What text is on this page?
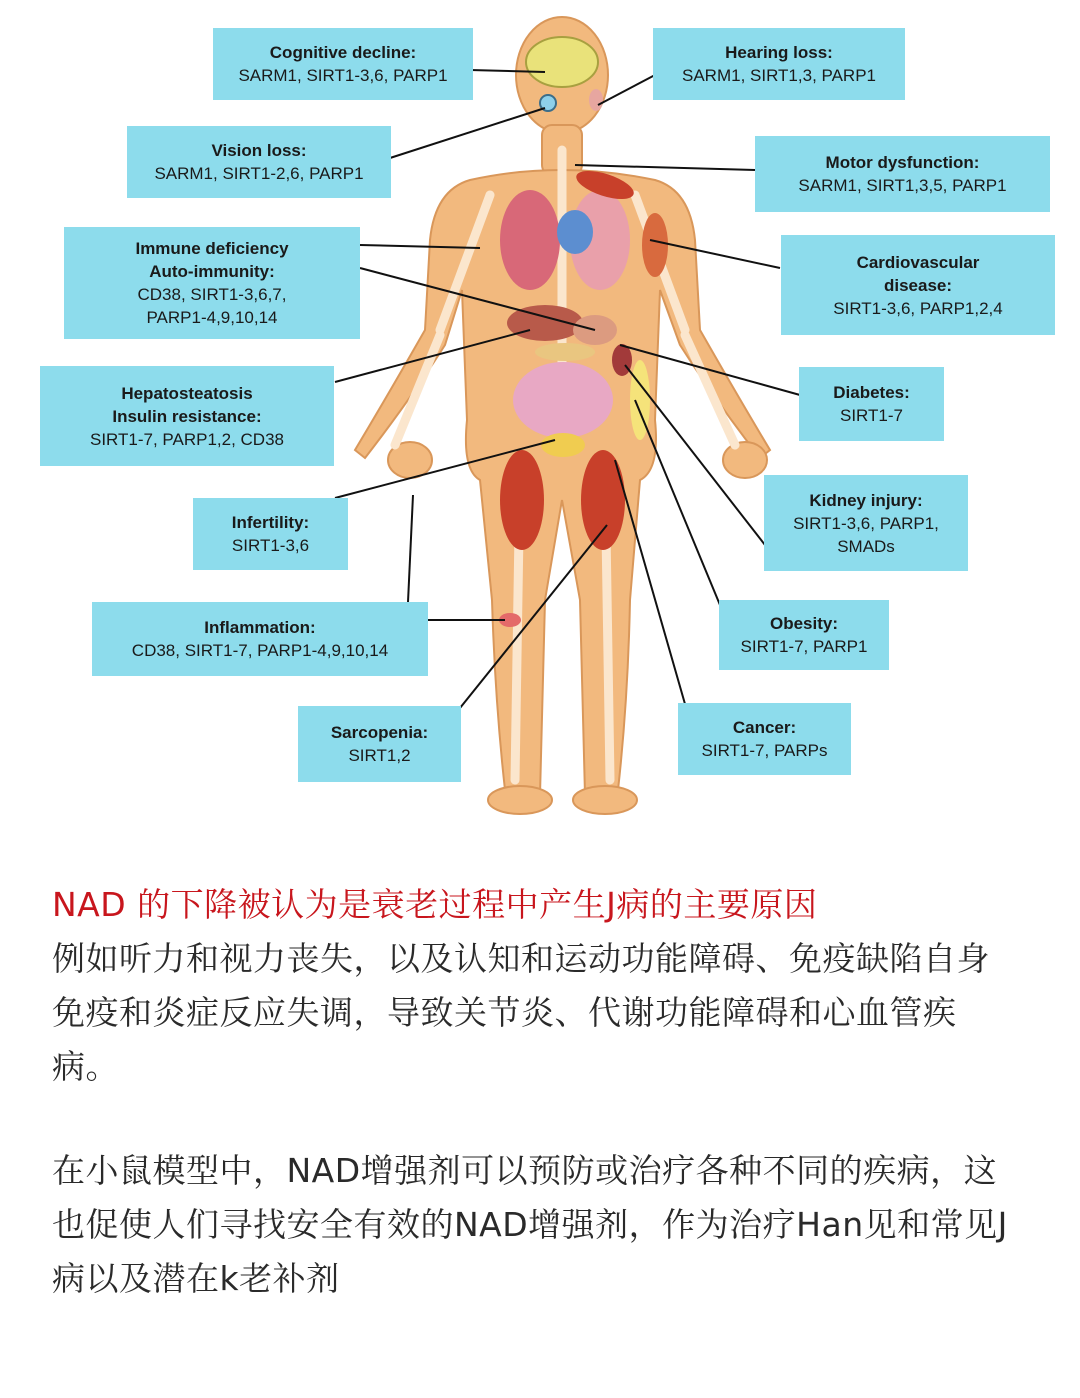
Cognitive decline:
SARM1, SIRT1-3,6, PARP1
Hearing loss:
SARM1, SIRT1,3, PARP1
Vision loss:
SARM1, SIRT1-2,6, PARP1
Motor dysfunction:
SARM1, SIRT1,3,5, PARP1
Immune deficiency
Auto-immunity:
CD38, SIRT1-3,6,7,
PARP1-4,9,10,14
Cardiovascular
disease:
SIRT1-3,6, PARP1,2,4
Hepatosteatosis
Insulin resistance:
SIRT1-7, PARP1,2, CD38
Diabetes:
SIRT1-7
Kidney injury:
SIRT1-3,6, PARP1,
SMADs
Infertility:
SIRT1-3,6
Inflammation:
CD38, SIRT1-7, PARP1-4,9,10,14
Obesity:
SIRT1-7, PARP1
Sarcopenia:
SIRT1,2
Cancer:
SIRT1-7, PARPs

NAD 的下降被认为是衰老过程中产生J病的主要原因
例如听力和视力丧失，以及认知和运动功能障碍、免疫缺陷自身免疫和炎症反应失调，导致关节炎、代谢功能障碍和心血管疾病。

在小鼠模型中，NAD增强剂可以预防或治疗各种不同的疾病，这也促使人们寻找安全有效的NAD增强剂，作为治疗Han见和常见J病以及潜在k老补剂
